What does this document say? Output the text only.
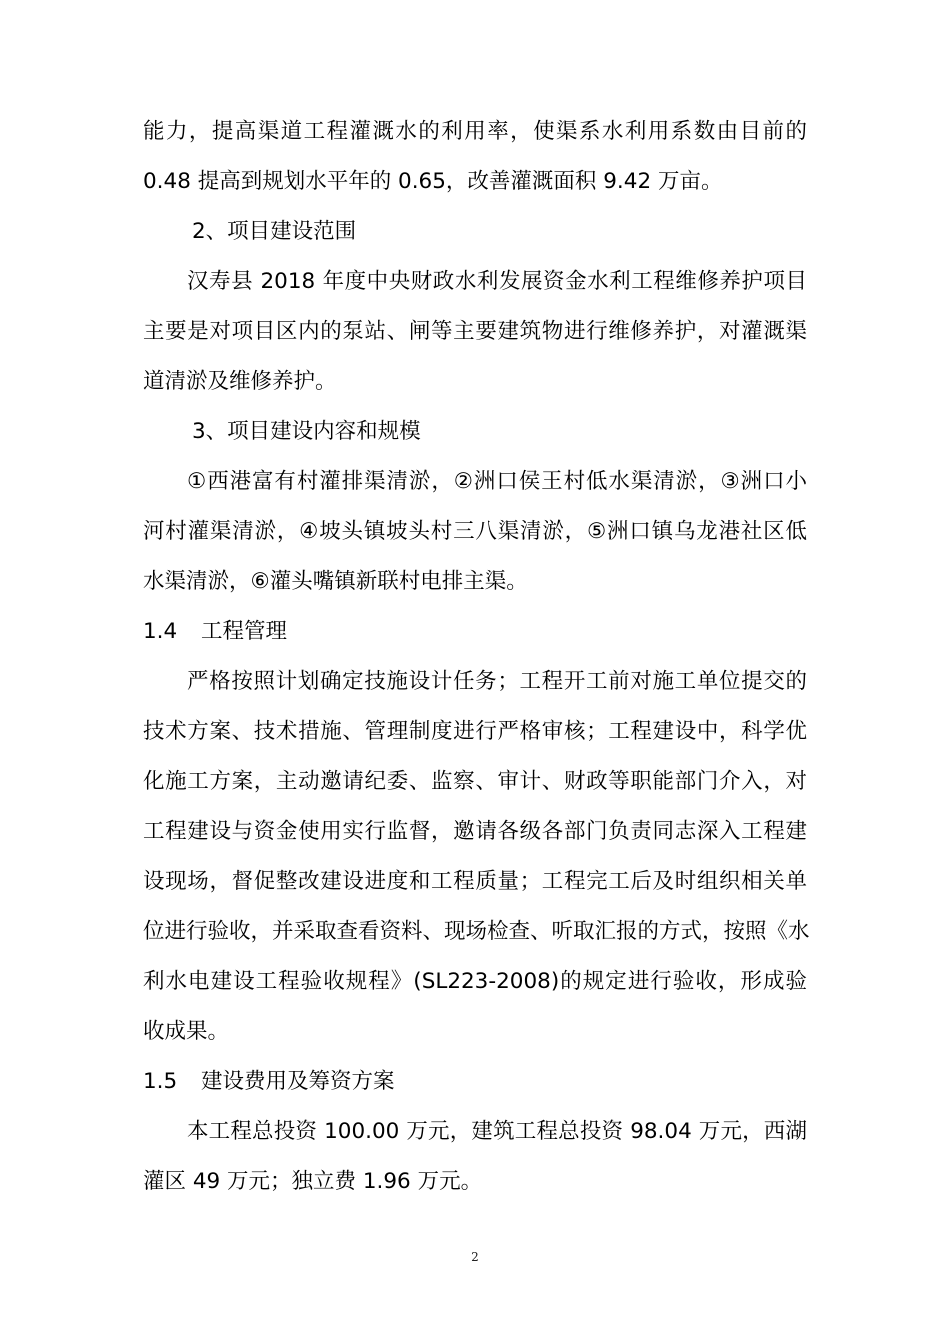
能力，提高渠道工程灌溉水的利用率，使渠系水利用系数由目前的
0.48 提高到规划水平年的 0.65，改善灌溉面积 9.42 万亩。
2、项目建设范围
汉寿县 2018 年度中央财政水利发展资金水利工程维修养护项目
主要是对项目区内的泵站、闸等主要建筑物进行维修养护，对灌溉渠
道清淤及维修养护。
3、项目建设内容和规模
①西港富有村灌排渠清淤，②洲口侯王村低水渠清淤，③洲口小
河村灌渠清淤，④坡头镇坡头村三八渠清淤，⑤洲口镇乌龙港社区低
水渠清淤，⑥灌头嘴镇新联村电排主渠。
1.4 工程管理
严格按照计划确定技施设计任务；工程开工前对施工单位提交的
技术方案、技术措施、管理制度进行严格审核；工程建设中，科学优
化施工方案，主动邀请纪委、监察、审计、财政等职能部门介入，对
工程建设与资金使用实行监督，邀请各级各部门负责同志深入工程建
设现场，督促整改建设进度和工程质量；工程完工后及时组织相关单
位进行验收，并采取查看资料、现场检查、听取汇报的方式，按照《水
利水电建设工程验收规程》(SL223-2008)的规定进行验收，形成验
收成果。
1.5 建设费用及筹资方案
本工程总投资 100.00 万元，建筑工程总投资 98.04 万元，西湖
灌区 49 万元；独立费 1.96 万元。
2
